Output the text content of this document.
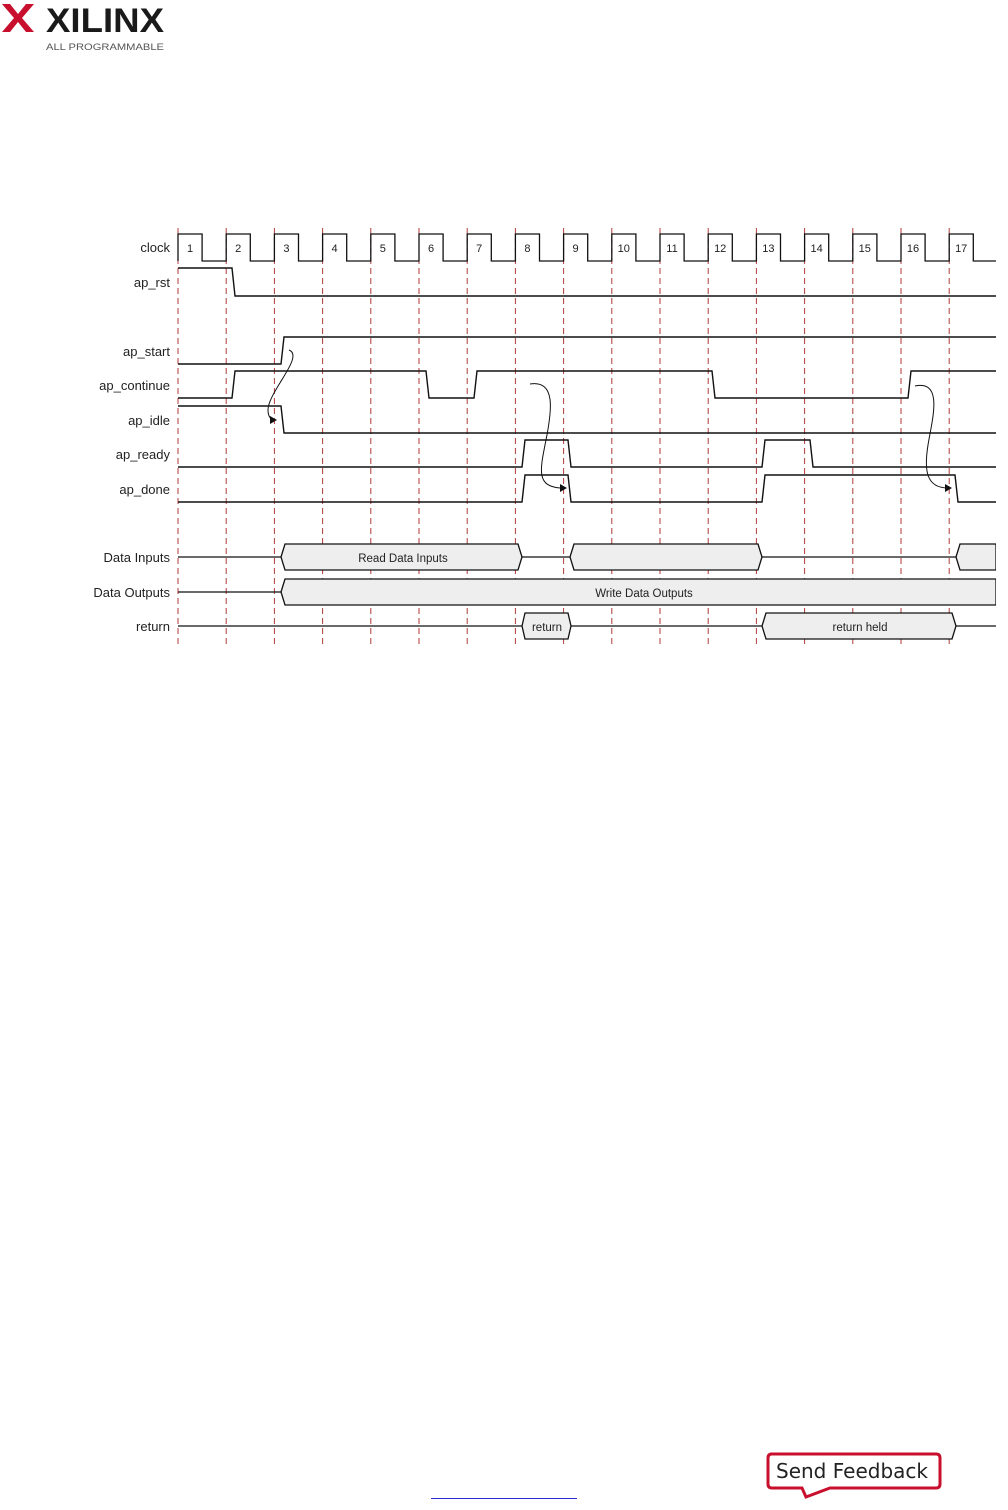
XILINX
ALL PROGRAMMABLE
clock
ap_rst
ap_start
ap_continue
ap_idle
ap_ready
ap_done
Data Inputs
Data Outputs
return
1	2	3	4	5	6	7	8	9	10	11	12	13	14	15	16	17
Read Data Inputs
Write Data Outputs
return	return held
Send Feedback
